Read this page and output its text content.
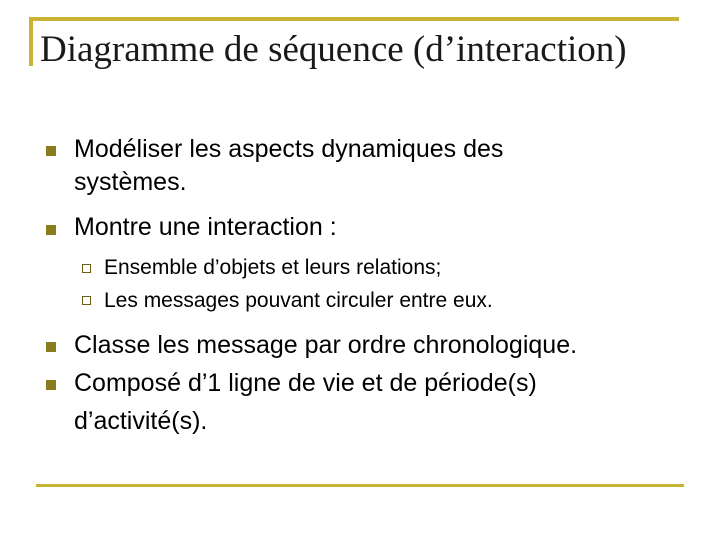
Diagramme de séquence (d’interaction)
Modéliser les aspects dynamiques des
systèmes.
Montre une interaction :
Ensemble d’objets et leurs relations;
Les messages pouvant circuler entre eux.
Classe les message par ordre chronologique.
Composé d’1 ligne de vie et de période(s)
d’activité(s).
